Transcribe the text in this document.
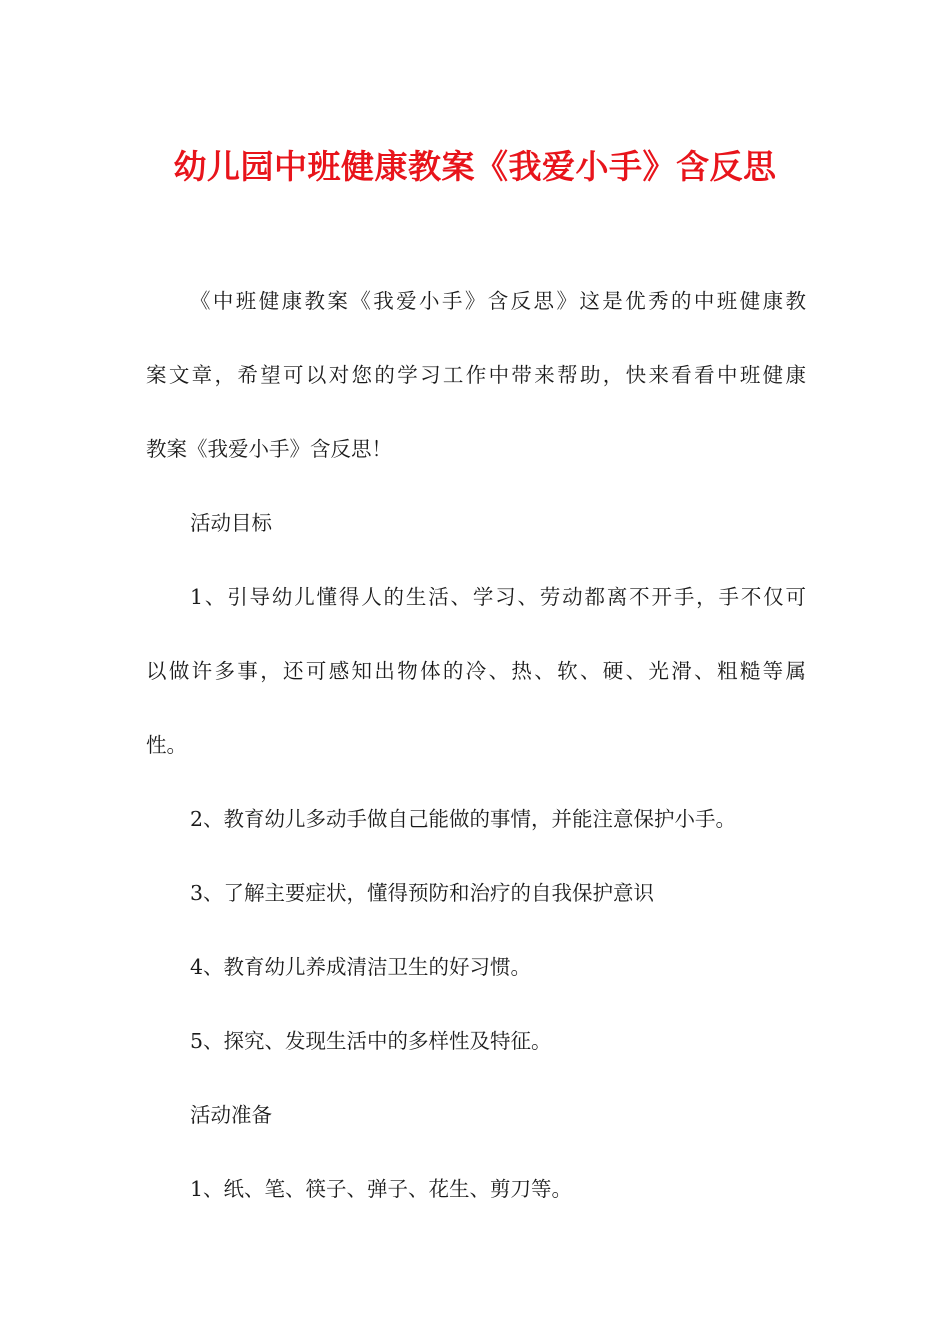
幼儿园中班健康教案《我爱小手》含反思
《中班健康教案《我爱小手》含反思》这是优秀的中班健康教
案文章，希望可以对您的学习工作中带来帮助，快来看看中班健康
教案《我爱小手》含反思！
活动目标
1、引导幼儿懂得人的生活、学习、劳动都离不开手，手不仅可
以做许多事，还可感知出物体的冷、热、软、硬、光滑、粗糙等属
性。
2、教育幼儿多动手做自己能做的事情，并能注意保护小手。
3、了解主要症状，懂得预防和治疗的自我保护意识
4、教育幼儿养成清洁卫生的好习惯。
5、探究、发现生活中的多样性及特征。
活动准备
1、纸、笔、筷子、弹子、花生、剪刀等。
